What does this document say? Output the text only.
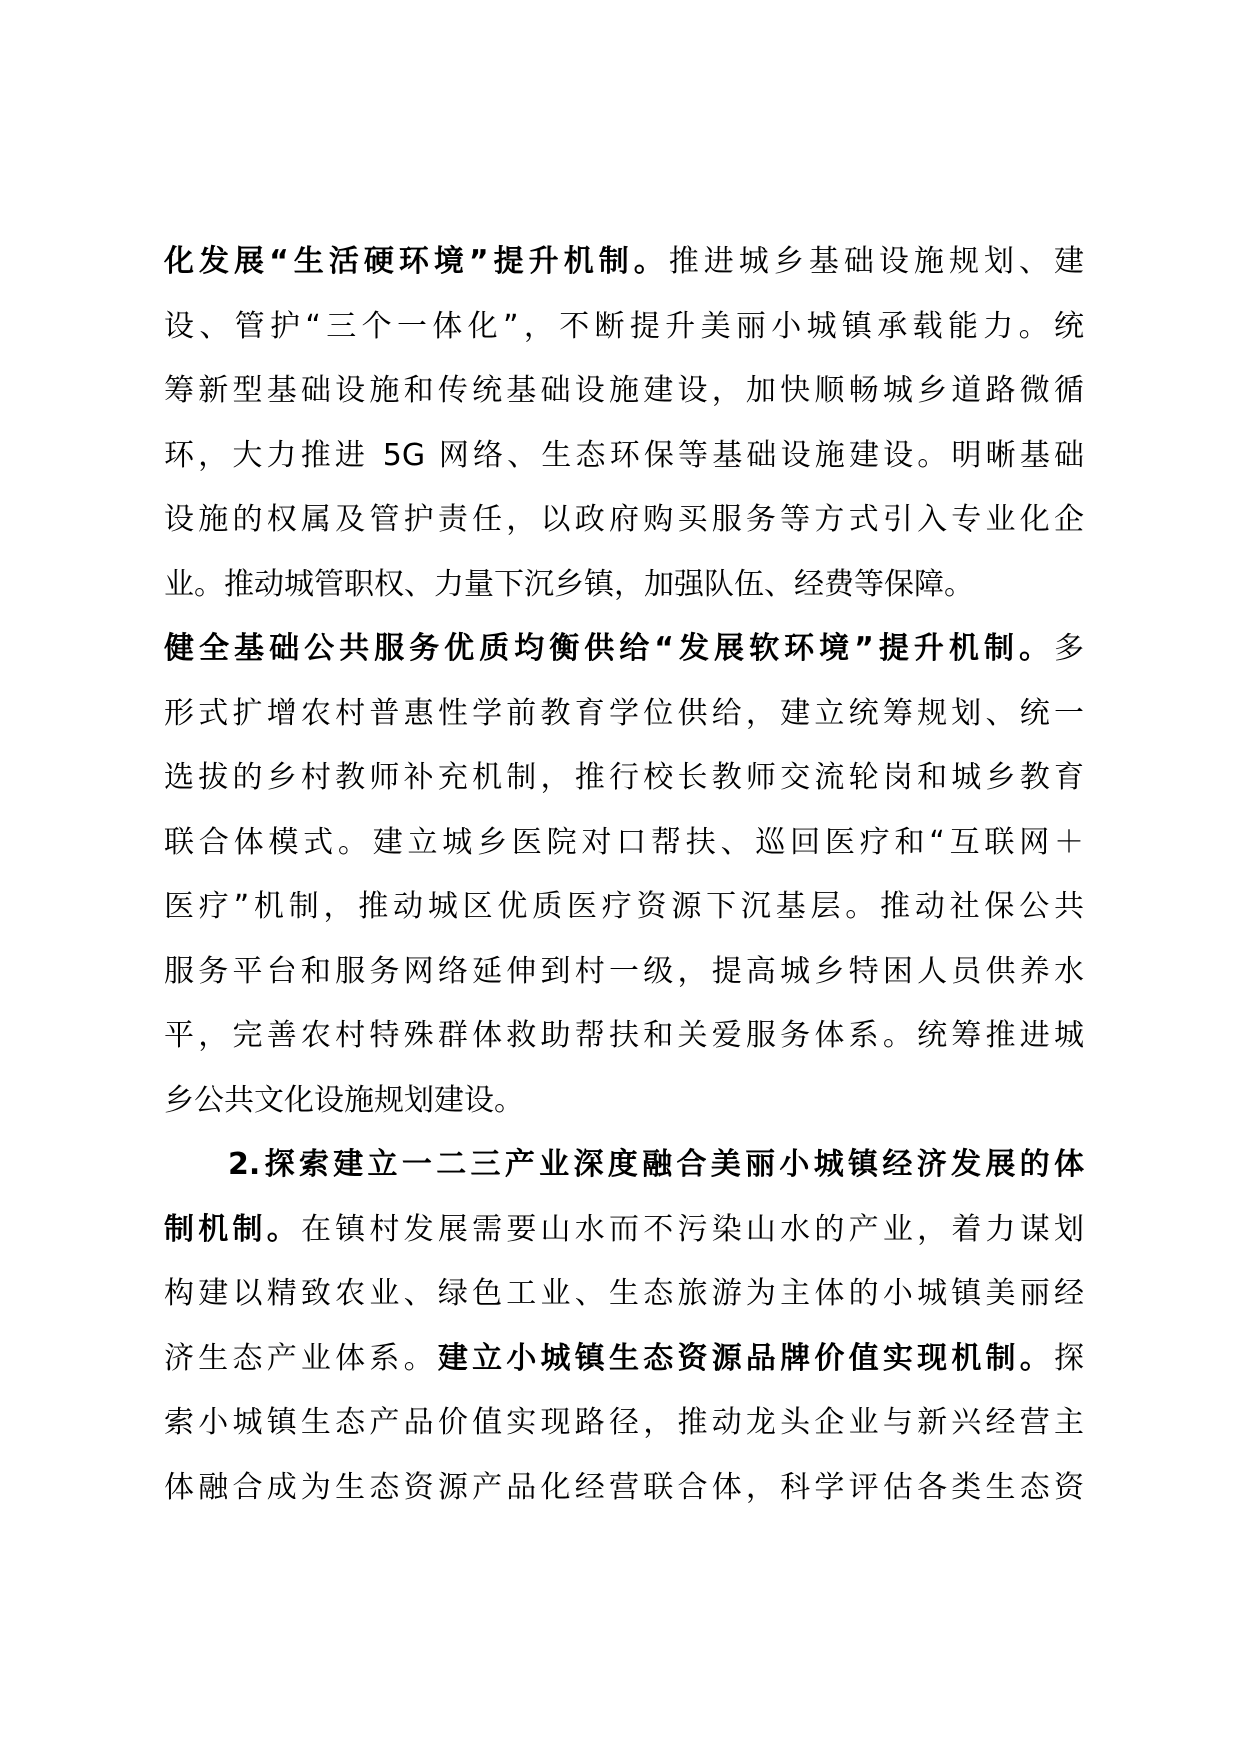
化发展“生活硬环境”提升机制。推进城乡基础设施规划、建
设、管护“三个一体化”，不断提升美丽小城镇承载能力。统
筹新型基础设施和传统基础设施建设，加快顺畅城乡道路微循
环，大力推进 5G 网络、生态环保等基础设施建设。明晰基础
设施的权属及管护责任，以政府购买服务等方式引入专业化企
业。推动城管职权、力量下沉乡镇，加强队伍、经费等保障。
健全基础公共服务优质均衡供给“发展软环境”提升机制。多
形式扩增农村普惠性学前教育学位供给，建立统筹规划、统一
选拔的乡村教师补充机制，推行校长教师交流轮岗和城乡教育
联合体模式。建立城乡医院对口帮扶、巡回医疗和“互联网＋
医疗”机制，推动城区优质医疗资源下沉基层。推动社保公共
服务平台和服务网络延伸到村一级，提高城乡特困人员供养水
平，完善农村特殊群体救助帮扶和关爱服务体系。统筹推进城
乡公共文化设施规划建设。
2.探索建立一二三产业深度融合美丽小城镇经济发展的体
制机制。在镇村发展需要山水而不污染山水的产业，着力谋划
构建以精致农业、绿色工业、生态旅游为主体的小城镇美丽经
济生态产业体系。建立小城镇生态资源品牌价值实现机制。探
索小城镇生态产品价值实现路径，推动龙头企业与新兴经营主
体融合成为生态资源产品化经营联合体，科学评估各类生态资
